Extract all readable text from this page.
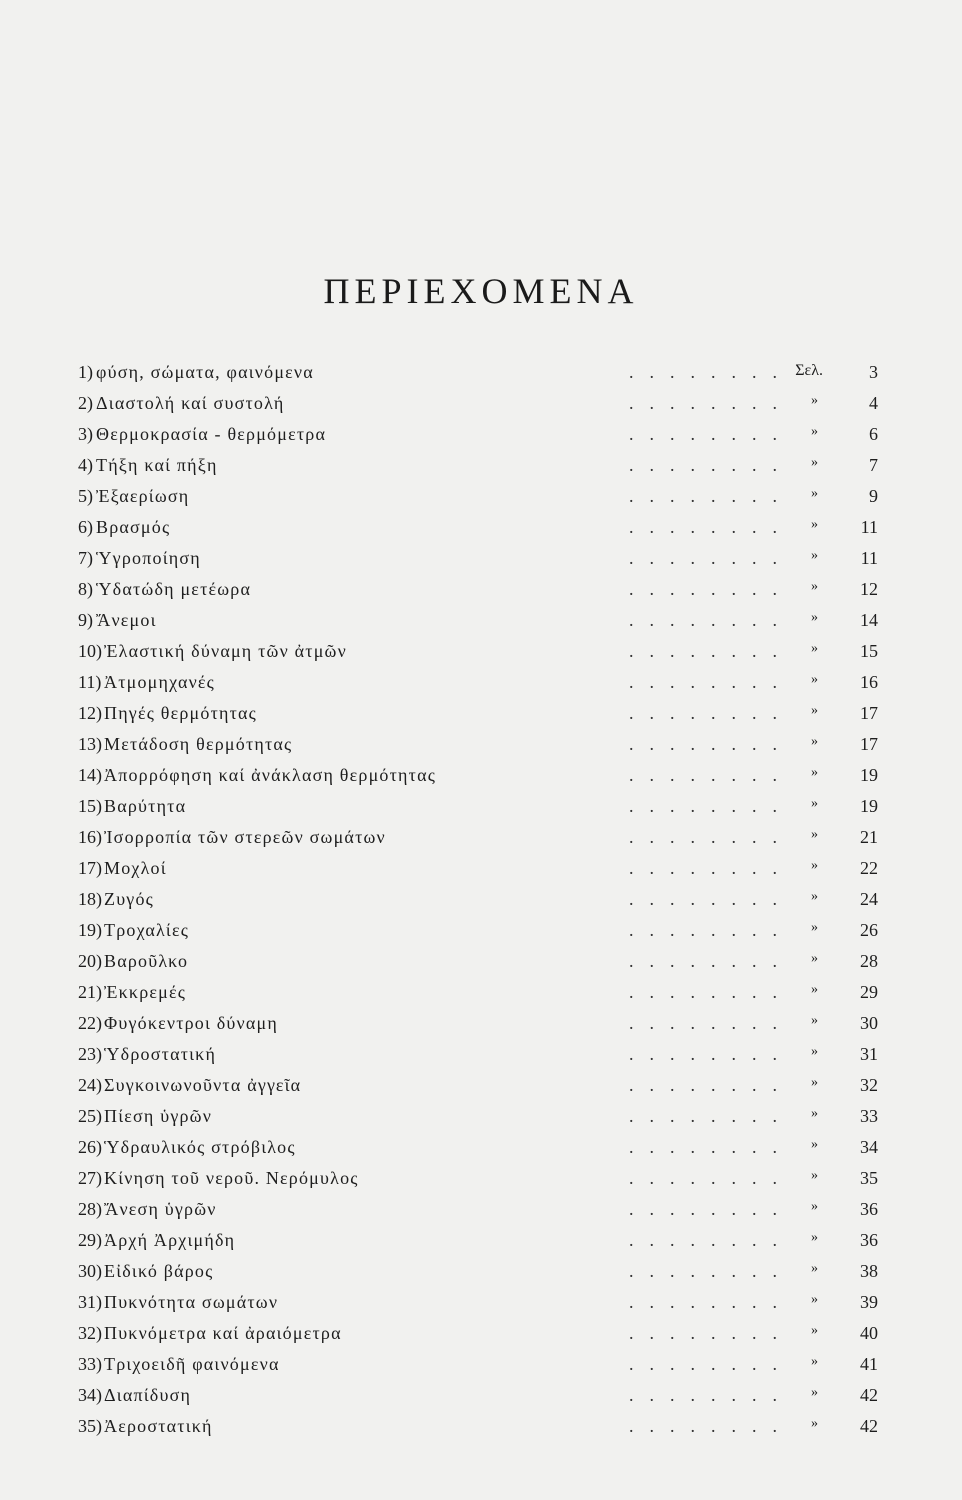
ΠΕΡΙΕΧΟΜΕΝΑ
1) φύση, σώματα, φαινόμενα	........ Σελ.	3
2) Διαστολή καί συστολή	........ »	4
3) Θερμοκρασία - θερμόμετρα	........ »	6
4) Τήξη καί πήξη	........ »	7
5) Ἐξαερίωση	........ »	9
6) Βρασμός	........ »	11
7) Ὑγροποίηση	........ »	11
8) Ὑδατώδη μετέωρα	........ »	12
9) Ἄνεμοι	........ »	14
10) Ἐλαστική δύναμη τῶν ἀτμῶν	........ »	15
11) Ἀτμομηχανές	........ »	16
12) Πηγές θερμότητας	........ »	17
13) Μετάδοση θερμότητας	........ »	17
14) Ἀπορρόφηση καί ἀνάκλαση θερμότητας	........ »	19
15) Βαρύτητα	........ »	19
16) Ἰσορροπία τῶν στερεῶν σωμάτων	........ »	21
17) Μοχλοί	........ »	22
18) Ζυγός	........ »	24
19) Τροχαλίες	........ »	26
20) Βαροῦλκο	........ »	28
21) Ἐκκρεμές	........ »	29
22) Φυγόκεντροι δύναμη	........ »	30
23) Ὑδροστατική	........ »	31
24) Συγκοινωνοῦντα ἀγγεῖα	........ »	32
25) Πίεση ὑγρῶν	........ »	33
26) Ὑδραυλικός στρόβιλος	........ »	34
27) Κίνηση τοῦ νεροῦ. Νερόμυλος	........ »	35
28) Ἄνεση ὑγρῶν	........ »	36
29) Ἀρχή Ἀρχιμήδη	........ »	36
30) Εἰδικό βάρος	........ »	38
31) Πυκνότητα σωμάτων	........ »	39
32) Πυκνόμετρα καί ἀραιόμετρα	........ »	40
33) Τριχοειδῆ φαινόμενα	........ »	41
34) Διαπίδυση	........ »	42
35) Ἀεροστατική	........ »	42
